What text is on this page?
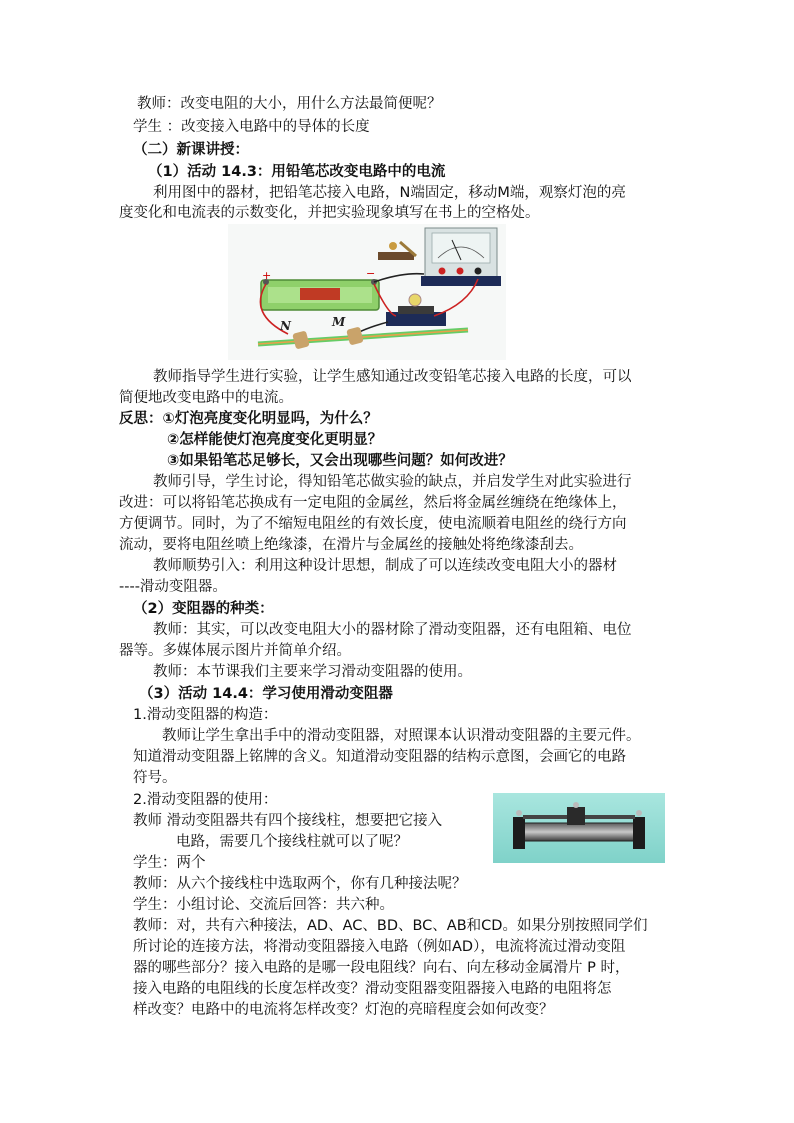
教师：改变电阻的大小，用什么方法最简便呢？
学生 ：改变接入电路中的导体的长度
（二）新课讲授：
（1）活动 14.3：用铅笔芯改变电路中的电流
利用图中的器材，把铅笔芯接入电路，N端固定，移动M端，观察灯泡的亮
度变化和电流表的示数变化，并把实验现象填写在书上的空格处。
+	−
N	M
教师指导学生进行实验，让学生感知通过改变铅笔芯接入电路的长度，可以
简便地改变电路中的电流。
反思：①灯泡亮度变化明显吗，为什么？
②怎样能使灯泡亮度变化更明显？
③如果铅笔芯足够长，又会出现哪些问题？如何改进？
教师引导，学生讨论，得知铅笔芯做实验的缺点，并启发学生对此实验进行
改进：可以将铅笔芯换成有一定电阻的金属丝，然后将金属丝缠绕在绝缘体上，
方便调节。同时，为了不缩短电阻丝的有效长度，使电流顺着电阻丝的绕行方向
流动，要将电阻丝喷上绝缘漆，在滑片与金属丝的接触处将绝缘漆刮去。
教师顺势引入：利用这种设计思想，制成了可以连续改变电阻大小的器材
----滑动变阻器。
（2）变阻器的种类：
教师：其实，可以改变电阻大小的器材除了滑动变阻器，还有电阻箱、电位
器等。多媒体展示图片并简单介绍。
教师：本节课我们主要来学习滑动变阻器的使用。
（3）活动 14.4：学习使用滑动变阻器
1.滑动变阻器的构造：
教师让学生拿出手中的滑动变阻器，对照课本认识滑动变阻器的主要元件。
知道滑动变阻器上铭牌的含义。知道滑动变阻器的结构示意图，会画它的电路
符号。
2.滑动变阻器的使用：
教师 滑动变阻器共有四个接线柱，想要把它接入
电路，需要几个接线柱就可以了呢？
学生：两个
教师：从六个接线柱中选取两个，你有几种接法呢？
学生：小组讨论、交流后回答：共六种。
教师：对，共有六种接法，AD、AC、BD、BC、AB和CD。如果分别按照同学们
所讨论的连接方法，将滑动变阻器接入电路（例如AD），电流将流过滑动变阻
器的哪些部分？接入电路的是哪一段电阻线？向右、向左移动金属滑片 P 时，
接入电路的电阻线的长度怎样改变？滑动变阻器变阻器接入电路的电阻将怎
样改变？电路中的电流将怎样改变？灯泡的亮暗程度会如何改变？
